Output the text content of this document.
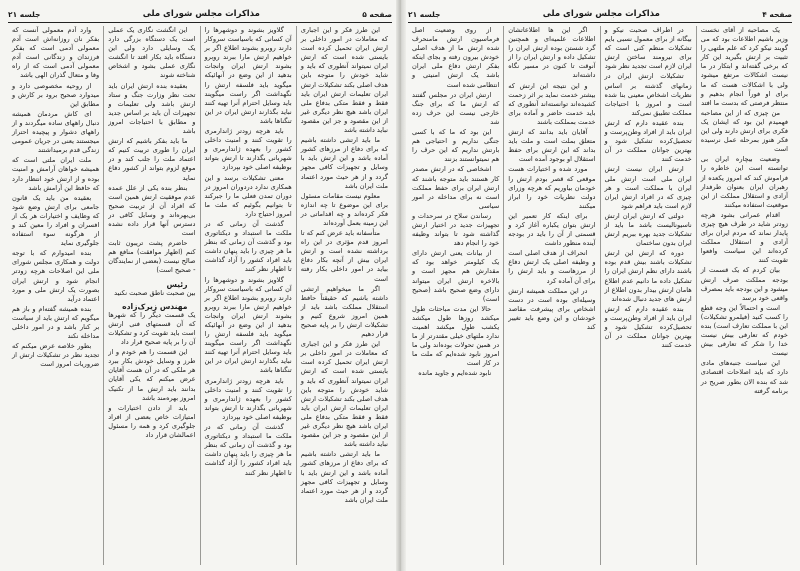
صفحه ۵
مذاکرات مجلس شورای ملی
جلسه ۲۱

این طرز فکر و این اجباری که معاملات در امور داخلی بر ارتش ایران تحمیل کرده است بایستی شده است که ارتش ایران نمیتواند آنطوری که باید و شاید خودش را متوجه باین هدف اصلی بکند تشکیلات ارتش ایران تعلیمات ارتش ایران باید فقط و فقط متکی بدفاع ملی ایران باشد هیچ نظر دیگری غیر از این مقصود و جز این مقصود نباید داشته باشد

ما باید ارتشی داشته باشیم که برای دفاع از مرزهای کشور آماده باشد و این ارتش باید با وسایل و تجهیزات کافی مجهز گردد و از هر حیث مورد اعتماد ملت ایران باشد

معلوم نیست مقامات مسئول برای این موضوع تا چه اندازه فکر کرده‌اند و چه اقداماتی در این زمینه بعمل آورده‌اند

متأسفانه باید عرض کنم که تا امروز قدم مؤثری در این راه برداشته نشده است و ارتش ایران بیش از آنچه بکار دفاع بیاید در امور داخلی بکار رفته است

اگر ما میخواهیم ارتشی داشته باشیم که حقیقتاً حافظ استقلال مملکت باشد باید از همین امروز شروع کنیم و تشکیلات ارتش را بر پایه صحیح قرار دهیم

این طرز فکر و این اجباری که معاملات در امور داخلی بر ارتش ایران تحمیل کرده است بایستی شده است که ارتش ایران نمیتواند آنطوری که باید و شاید خودش را متوجه باین هدف اصلی بکند تشکیلات ارتش ایران تعلیمات ارتش ایران باید فقط و فقط متکی بدفاع ملی ایران باشد هیچ نظر دیگری غیر از این مقصود و جز این مقصود نباید داشته باشد

ما باید ارتشی داشته باشیم که برای دفاع از مرزهای کشور آماده باشد و این ارتش باید با وسایل و تجهیزات کافی مجهز گردد و از هر حیث مورد اعتماد ملت ایران باشد

گلاویز بشوند و دوشهرها را آن کسانی که باسیاست سروکار دارند روبرو بشوند اطلاع اگر بر خواهیم ارتش مارا ببرند روبرو بشوند ارتش ایران وانجات بدهید از این وضع در آنهائیکه میگوید باید فلسفه ارتش را نگهداشت اگر راست میگویند باید وسایل احترام آنرا تهیه کنند نباید بگذارند ارتش ایران در این تنگناها باشد

باید هرچه زودتر ژاندارمری را تقویت کنند و امنیت داخلی کشور را بعهده ژاندارمری و شهربانی بگذارند تا ارتش بتواند بوظیفه اصلی خود بپردازد

معنی تشکیلات برسد و این همکاری ندارد دردوران امروز در دوران تمدن فعلی ما را جبرکند تا بتوانیم بگوئیم که ملت ما امروز احتیاج دارد

گذشت آن زمانی که در ملکت ما استبداد و دیکتاتوری بود و گذشت آن زمانی که بنظر ما هر چیزی را باید پنهان داشت باید افراد کشور را آزاد گذاشت تا اظهار نظر کنند

گلاویز بشوند و دوشهرها را آن کسانی که باسیاست سروکار دارند روبرو بشوند اطلاع اگر بر خواهیم ارتش مارا ببرند روبرو بشوند ارتش ایران وانجات بدهید از این وضع در آنهائیکه میگوید باید فلسفه ارتش را نگهداشت اگر راست میگویند باید وسایل احترام آنرا تهیه کنند نباید بگذارند ارتش ایران در این تنگناها باشد

باید هرچه زودتر ژاندارمری را تقویت کنند و امنیت داخلی کشور را بعهده ژاندارمری و شهربانی بگذارند تا ارتش بتواند بوظیفه اصلی خود بپردازد

گذشت آن زمانی که در ملکت ما استبداد و دیکتاتوری بود و گذشت آن زمانی که بنظر ما هر چیزی را باید پنهان داشت باید افراد کشور را آزاد گذاشت تا اظهار نظر کنند

این انگشت نگاری یک عملی است یک دستگاه بزرگی دارد یک وسایلی دارد ولی این دستگاه باید بکار افتد تا انگشت نگاری عملی بشود و اشخاص شناخته شوند

بعقیده بنده ارتش ایران باید تحت نظر وزارت جنگ و ستاد ارتش باشد ولی تعلیمات و تجهیزات آن باید بر اساس جدید و مطابق با احتیاجات امروز باشد

ما باید بفکر باشیم که ارتش ایران را طوری تربیت کنیم که اعتماد ملت را جلب کند و در موقع لزوم بتواند از کشور دفاع نماید

بنظر بنده یکی از علل عمده عدم موفقیت ارتش همین است که افراد آن از تربیت صحیح بی‌بهره‌اند و وسایل کافی در دسترس آنها قرار داده نشده است

حاضرم پشت تریبون ثابت کنم (اظهار موافقت) منافع هم صالح نیست (بعضی از نمایندگان - صحیح است)

رئیس
بین صحبت ناطق صحبت نکنید

مهندس زیرک‌زاده
یک قسمت دیگر را که شهرها که آن قسمتهای فنی ارتش است باید تقویت کرد و تشکیلات آن را بر پایه صحیح قرار داد

این قسمت را هم خودم و از طرز و وسایل خودش بکار ببرد هر ملکی که در آن هست آقایان عرض میکنم که یکی آقایان بدانند باید ارتش ما از تکنیک امروز بهره‌مند باشد

باید از دادن اختیارات و امتیازات خاص بعضی از افراد جلوگیری کرد و همه را مسئول اعمالشان قرار داد

وارد آدم معمولی آنست که بفکر نان روزانه‌اش است آدم معمولی آدمی است که بفکر فرزندان و زندگانی است آدم معمولی آدمی است که از راه وفا و متعال گذران الهی باشد

از روحیه مخصوصی دارد و میدوارد صحیح برود بر کارش و مطابق این

ای کاش مردمان همیشه دنبال راههای ساده میگردند و از راههای دشوار و پیچیده احتراز میجستند یعنی در جریان عمومی زندگی قدم برمیداشتند

ملت ایران ملتی است که همیشه خواهان آرامش و امنیت بوده و از ارتش خود انتظار دارد که حافظ این آرامش باشد

بعقیده من باید یک قانون جامعی برای ارتش وضع شود که وظایف و اختیارات هر یک از افسران و افراد را معین کند و از هرگونه سوء استفاده جلوگیری نماید

بنده امیدوارم که با توجه دولت و همکاری مجلس شورای ملی این اصلاحات هرچه زودتر انجام شود و ارتش ایران بصورت یک ارتش ملی و مورد اعتماد درآید

بنده همیشه گفته‌ام و باز هم میگویم که ارتش باید از سیاست بر کنار باشد و در امور داخلی مداخله نکند

بطور خلاصه عرض میکنم که تجدید نظر در تشکیلات ارتش از ضروریات امروز است

صفحه ۴
مذاکرات مجلس شورای ملی
جلسه ۲۱

یک مصاحبه از آقای نخست وزیر باشیم اطلاعات بود که می گویند نیکو کرد که علم ملتهی را تثبیت بر ارتش بگیرید این کار که برخی گفته‌اند و ابتکار در ما نیست اشکالات مرتفع میشود ولی با اشکالات هست که ما برای او فوراً انجام بدهیم و منتظر فرصتی که بدست ما افتد

من چیزی که از این مصاحبه فهمیدم این بود که ایشان یک فکری برای ارتش دارند ولی این فکر هنوز بمرحله عمل نرسیده است

وضعیت بیچاره ایران بی توانسته است این خاطره را فراموش کند که امروز یکعده از رهبران ایران بعنوان طرفدار آزادی و استقلال مملکت از این موقعیت استفاده میکنند

اقدام عمرانی بشود هرچه زودتر شاید در طرف هیچ چیزی پایدار نماند که مردم ایران برای آزادی و استقلال مملکت کرده‌اند این سیاست وافعوا تقویت کنند

بیان کردم که یک قسمت از بودجه مملکت صرف ارتش میشود و این بودجه باید بمصرف واقعی خود برسد

است و احتمالاً این وجه قطع را کسب کنید (فیلمرو تشکیلات) این با مملکت تعارف است) بنده خودم که تعارفی بیش نیست خدا را شکر که تعارفی بیش نیست

این سیاست جنبه‌های مادی دارد که باید اصلاحات اقتصادی شد که بنده الان بطور صریح در برنامه گرفته

در اطراف صحبت نیکو و بیگانه از برای معمول نسبی بایم تشکیلات منظم کنی است که برای نیرومند ساختن ارتش ایران لازم است تجدید نظر شود

تشکیلات ارتش ایران در زمانهای گذشته بر اساس نظریات اشخاص معینی بنا شده است و امروز با احتیاجات مملکت تطبیق نمی‌کند

بنده عقیده دارم که ارتش ایران باید از افراد وطن‌پرست و تحصیل‌کرده تشکیل شود و بهترین جوانان مملکت در آن خدمت کنند

ارتش ایران نیست ارتش ایران ملی است ارتش ملی ایران با مملکت است و هر چیزی که در افراد ارتش ایران لازم است باید فراهم شود

دولتی که ارتش ایران ارتش ناسیونالیست باشد ما باید از تشکیلات جدید بهره ببریم ارتش ایران بدون ساختمان

دوره که ارتش این ارتش تشکیلات باشند بیش قدم بوده باشند دارای نظم ارتش ایران را تشکیل داده ما دانیم عدم اطلاع هامان ارتش بیدار بدون اطلاع از ارتش های جدید دنبال شده‌اند

بنده عقیده دارم که ارتش ایران باید از افراد وطن‌پرست و تحصیل‌کرده تشکیل شود و بهترین جوانان مملکت در آن خدمت کنند

اگر این ها اطلاعاتشان اطلاعات علمیه‌ای و همچنین گرد شستن بوده ارتش ایران را تشکیل داده و ارتش ایران را از آنوقت تا کنون در مسیر نگاه داشته‌اند

و این نتیجه این ارتش که بیشتر خدمت نماید بر اثر زحمت کشیده‌اند توانسته‌اند آنطوری که باید خدمت حاضر و آماده برای خدمت بمملکت باشند

آقایان باید بدانند که ارتش متعلق بملت است و ملت باید بداند که این ارتش برای حفظ استقلال او بوجود آمده است

مورد شده و اختیارات هست موقعی که قصر بودم ارتش را خودمان بیاوریم که هرچه وزرای دولت نظریات خود را ابراز میکنند

برای اینکه کار تعمیر این ارتش بتوان یکباره آغاز کرد و قسمتی از آن را باید در بودجه آینده منظور داشت

انحراف از هدف اصلی است و وظیفه اصلی یک ارتش دفاع از مرزهاست و باید ارتش را برای آن آماده کرد

در این مملکت همیشه ارتش وسیله‌ای بوده است در دست اشخاص برای پیشرفت مقاصد خودشان و این وضع باید تغییر کند

از روی وضعیت اصل فرماسیون ارتش مامنحرف شده ارتش ما از هدف اصلی خودش بیرون رفته و بجای اینکه بفکر ارتش دفاع ملی ایران باشد یک ارتش امنیتی و انتظامی شده است

ارتش ایران در مجلس گفتند که ارتش ما که برای جنگ خارجی نیست این حرف زده شد

این بود که ما که با کسی جنگی نداریم و احتیاجی هم بارتش نداریم که این حرف را هم نمیتوانستند بزنند

اشخاصی که در ارتش مصدر کار هستند باید متوجه باشند که ارتش ایران برای حفظ مملکت است نه برای مداخله در امور سیاسی

رساندن سلاح در سرحدات و تجهیزات جدید در اختیار ارتش گذاشته شود تا بتواند وظیفه خود را انجام دهد

از بیانات یعنی ارتش دارای یک کیلومتر خواهد بود که مقدارش هم مجهز است و بالاخره ارتش ایران میتواند دارای وضع صحیح باشد (صحیح است)

حالا این مدت مباحثات طول میکشد روزها طول میکشد یکشب طول میکشد اهمیت ندارد ملتهای خیلی مقتدرتر از ما در همین تحولات بوده‌اند ولی ما امروز نابود شده‌ایم که ملت ما در کار است

نابود شده‌ایم و جاوید مانده
